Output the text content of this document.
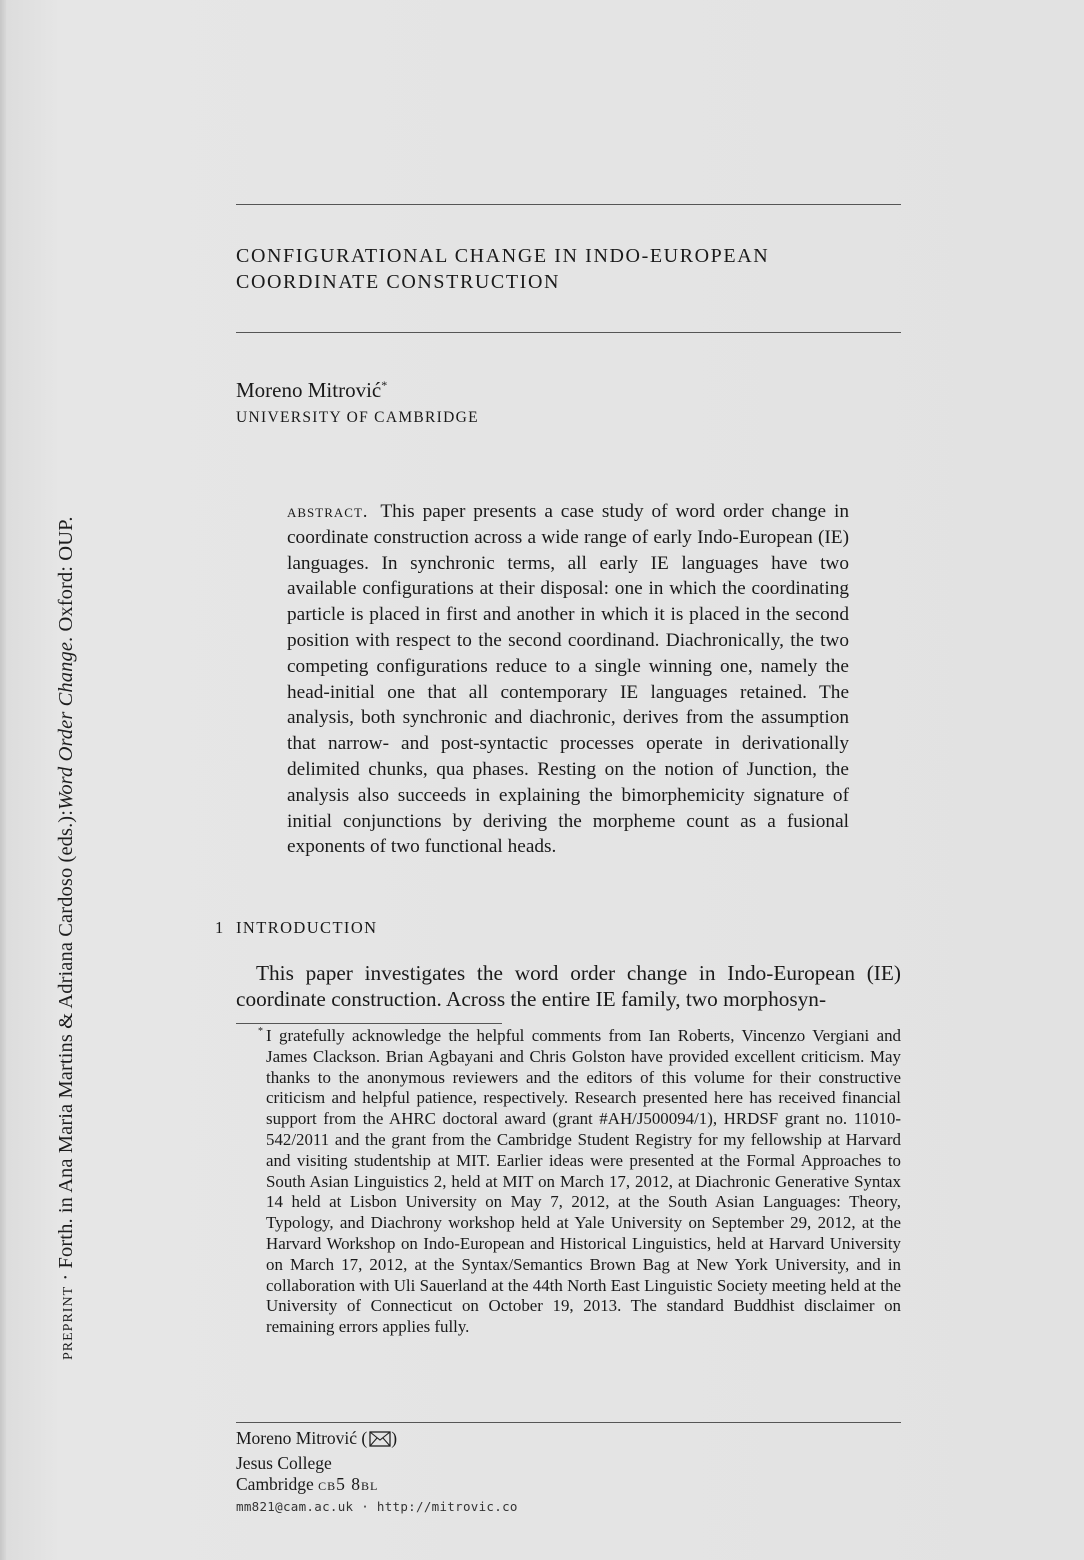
preprint · Forth. in Ana Maria Martins & Adriana Cardoso (eds.):Word Order Change. Oxford: OUP.
CONFIGURATIONAL CHANGE IN INDO-EUROPEAN
COORDINATE CONSTRUCTION
Moreno Mitrović*
UNIVERSITY OF CAMBRIDGE

abstract. This paper presents a case study of word order change in coordinate construction across a wide range of early Indo-European (IE) languages. In synchronic terms, all early IE languages have two available configurations at their disposal: one in which the coordinating particle is placed in first and another in which it is placed in the second position with respect to the second coordinand. Diachronically, the two competing configurations reduce to a single winning one, namely the head-initial one that all contemporary IE languages retained. The analysis, both synchronic and diachronic, derives from the assumption that narrow- and post-syntactic processes operate in derivationally delimited chunks, qua phases. Resting on the notion of Junction, the analysis also succeeds in explaining the bimorphemicity signature of initial conjunctions by deriving the morpheme count as a fusional exponents of two functional heads.

1 INTRODUCTION

This paper investigates the word order change in Indo-European (IE) coordinate construction. Across the entire IE family, two morphosyn-

* I gratefully acknowledge the helpful comments from Ian Roberts, Vincenzo Vergiani and James Clackson. Brian Agbayani and Chris Golston have provided excellent criticism. May thanks to the anonymous reviewers and the editors of this volume for their constructive criticism and helpful patience, respectively. Research presented here has received financial support from the AHRC doctoral award (grant #AH/J500094/1), HRDSF grant no. 11010-542/2011 and the grant from the Cambridge Student Registry for my fellowship at Harvard and visiting studentship at MIT. Earlier ideas were presented at the Formal Approaches to South Asian Linguistics 2, held at MIT on March 17, 2012, at Diachronic Generative Syntax 14 held at Lisbon University on May 7, 2012, at the South Asian Languages: Theory, Typology, and Diachrony workshop held at Yale University on September 29, 2012, at the Harvard Workshop on Indo-European and Historical Linguistics, held at Harvard University on March 17, 2012, at the Syntax/Semantics Brown Bag at New York University, and in collaboration with Uli Sauerland at the 44th North East Linguistic Society meeting held at the University of Connecticut on October 19, 2013. The standard Buddhist disclaimer on remaining errors applies fully.

Moreno Mitrović ( )
Jesus College
Cambridge cb5 8bl
mm821@cam.ac.uk · http://mitrovic.co
